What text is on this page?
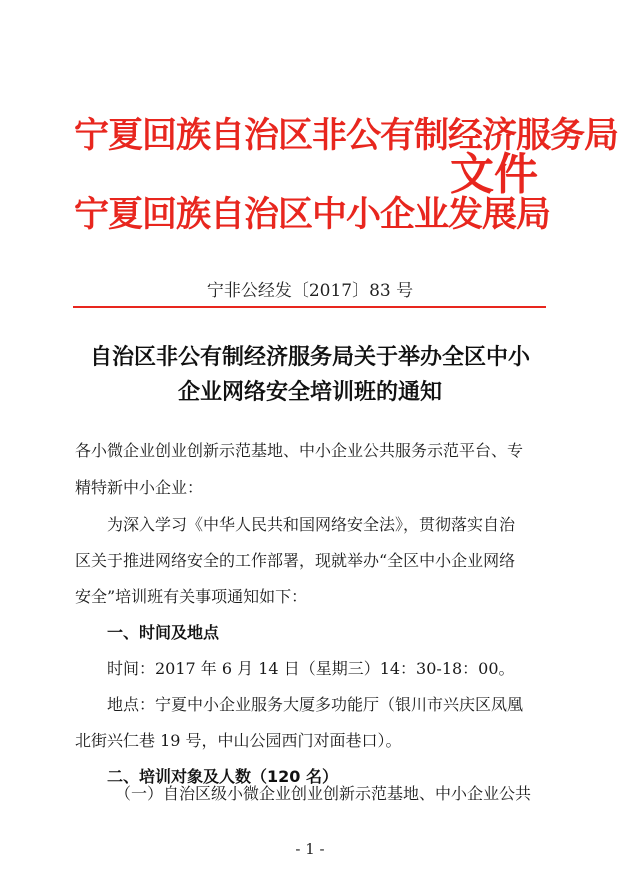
宁夏回族自治区非公有制经济服务局
宁夏回族自治区中小企业发展局
文件
宁非公经发〔2017〕83 号
自治区非公有制经济服务局关于举办全区中小
企业网络安全培训班的通知
各小微企业创业创新示范基地、中小企业公共服务示范平台、专
精特新中小企业：
为深入学习《中华人民共和国网络安全法》，贯彻落实自治
区关于推进网络安全的工作部署，现就举办“全区中小企业网络
安全”培训班有关事项通知如下：
一、时间及地点
时间：2017 年 6 月 14 日（星期三）14：30-18：00。
地点：宁夏中小企业服务大厦多功能厅（银川市兴庆区凤凰
北街兴仁巷 19 号，中山公园西门对面巷口）。
二、培训对象及人数（120 名）
（一）自治区级小微企业创业创新示范基地、中小企业公共
- 1 -
